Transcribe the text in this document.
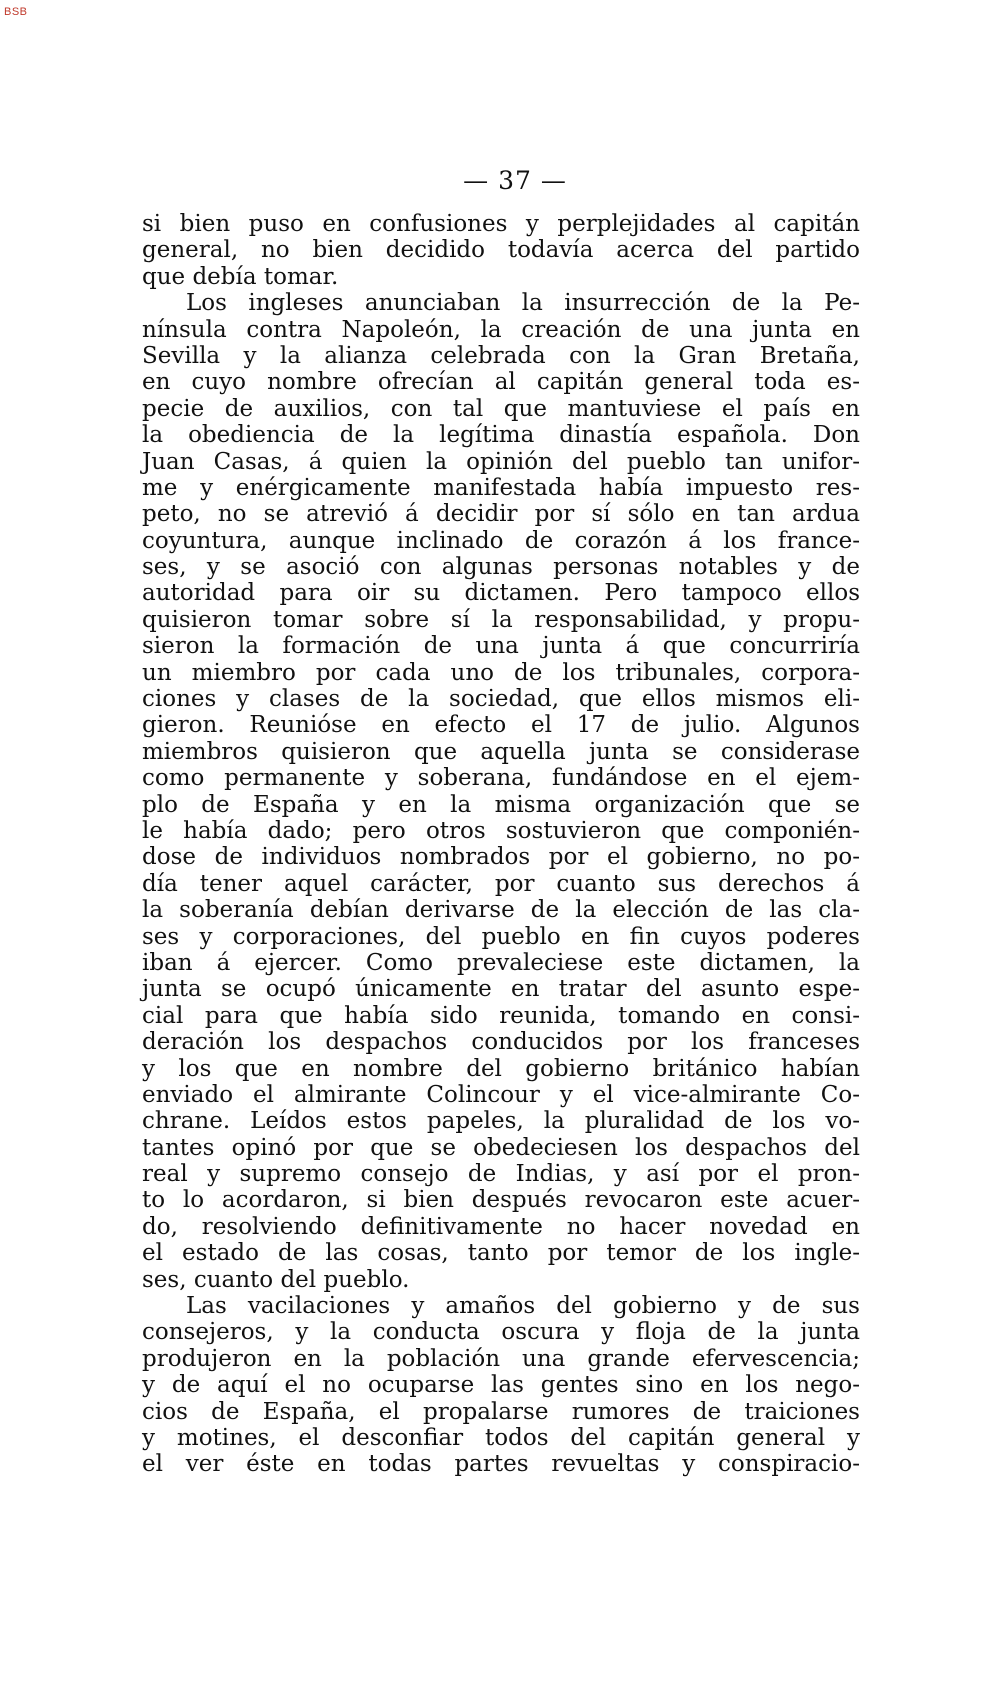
BSB
— 37 —
si bien puso en confusiones y perplejidades al capitán
general, no bien decidido todavía acerca del partido
que debía tomar.
Los ingleses anunciaban la insurrección de la Pe-
nínsula contra Napoleón, la creación de una junta en
Sevilla y la alianza celebrada con la Gran Bretaña,
en cuyo nombre ofrecían al capitán general toda es-
pecie de auxilios, con tal que mantuviese el país en
la obediencia de la legítima dinastía española. Don
Juan Casas, á quien la opinión del pueblo tan unifor-
me y enérgicamente manifestada había impuesto res-
peto, no se atrevió á decidir por sí sólo en tan ardua
coyuntura, aunque inclinado de corazón á los france-
ses, y se asoció con algunas personas notables y de
autoridad para oir su dictamen. Pero tampoco ellos
quisieron tomar sobre sí la responsabilidad, y propu-
sieron la formación de una junta á que concurriría
un miembro por cada uno de los tribunales, corpora-
ciones y clases de la sociedad, que ellos mismos eli-
gieron. Reunióse en efecto el 17 de julio. Algunos
miembros quisieron que aquella junta se considerase
como permanente y soberana, fundándose en el ejem-
plo de España y en la misma organización que se
le había dado; pero otros sostuvieron que componién-
dose de individuos nombrados por el gobierno, no po-
día tener aquel carácter, por cuanto sus derechos á
la soberanía debían derivarse de la elección de las cla-
ses y corporaciones, del pueblo en fin cuyos poderes
iban á ejercer. Como prevaleciese este dictamen, la
junta se ocupó únicamente en tratar del asunto espe-
cial para que había sido reunida, tomando en consi-
deración los despachos conducidos por los franceses
y los que en nombre del gobierno británico habían
enviado el almirante Colincour y el vice-almirante Co-
chrane. Leídos estos papeles, la pluralidad de los vo-
tantes opinó por que se obedeciesen los despachos del
real y supremo consejo de Indias, y así por el pron-
to lo acordaron, si bien después revocaron este acuer-
do, resolviendo definitivamente no hacer novedad en
el estado de las cosas, tanto por temor de los ingle-
ses, cuanto del pueblo.
Las vacilaciones y amaños del gobierno y de sus
consejeros, y la conducta oscura y floja de la junta
produjeron en la población una grande efervescencia;
y de aquí el no ocuparse las gentes sino en los nego-
cios de España, el propalarse rumores de traiciones
y motines, el desconfiar todos del capitán general y
el ver éste en todas partes revueltas y conspiracio-
